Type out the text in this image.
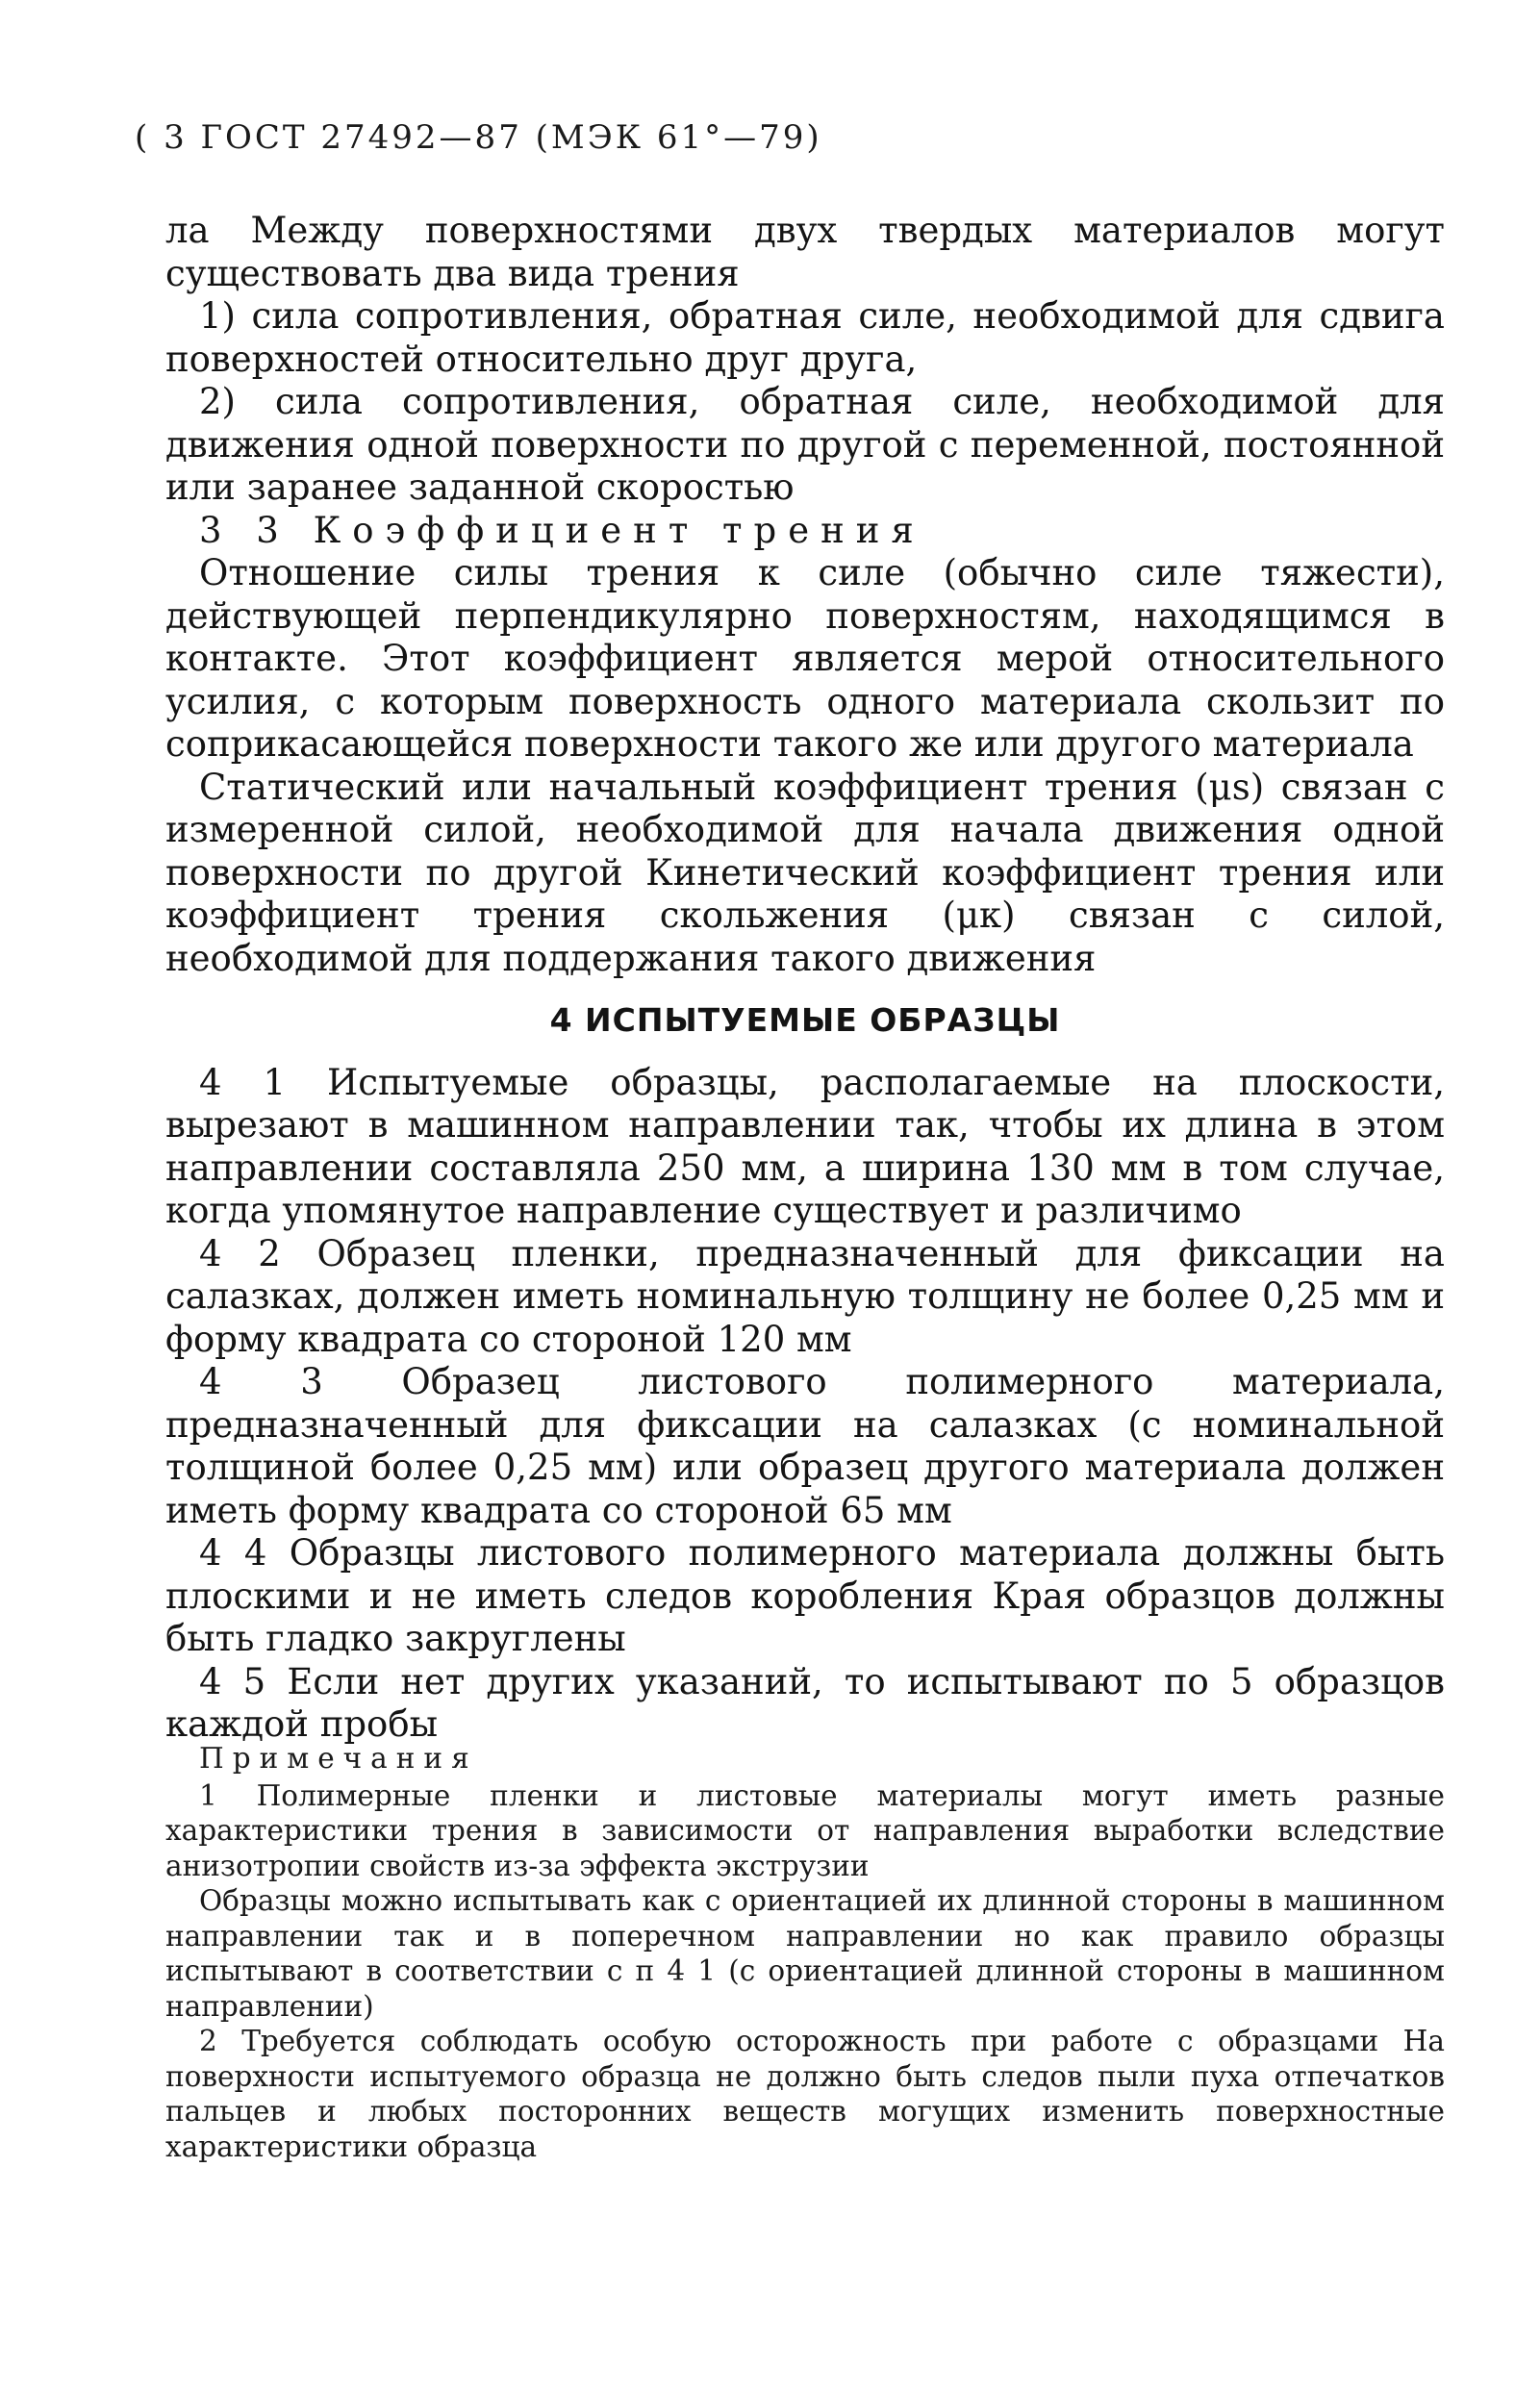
( 3 ГОСТ 27492—87 (МЭК 61°—79)

ла Между поверхностями двух твердых материалов могут существовать два вида трения

1) сила сопротивления, обратная силе, необходимой для сдвига поверхностей относительно друг друга,

2) сила сопротивления, обратная силе, необходимой для движения одной поверхности по другой с переменной, постоянной или заранее заданной скоростью

3 3 Коэффициент трения

Отношение силы трения к силе (обычно силе тяжести), действующей перпендикулярно поверхностям, находящимся в контакте. Этот коэффициент является мерой относительного усилия, с которым поверхность одного материала скользит по соприкасающейся поверхности такого же или другого материала

Статический или начальный коэффициент трения (μs) связан с измеренной силой, необходимой для начала движения одной поверхности по другой Кинетический коэффициент трения или коэффициент трения скольжения (μк) связан с силой, необходимой для поддержания такого движения

4 ИСПЫТУЕМЫЕ ОБРАЗЦЫ

4 1 Испытуемые образцы, располагаемые на плоскости, вырезают в машинном направлении так, чтобы их длина в этом направлении составляла 250 мм, а ширина 130 мм в том случае, когда упомянутое направление существует и различимо

4 2 Образец пленки, предназначенный для фиксации на салазках, должен иметь номинальную толщину не более 0,25 мм и форму квадрата со стороной 120 мм

4 3 Образец листового полимерного материала, предназначенный для фиксации на салазках (с номинальной толщиной более 0,25 мм) или образец другого материала должен иметь форму квадрата со стороной 65 мм

4 4 Образцы листового полимерного материала должны быть плоскими и не иметь следов коробления Края образцов должны быть гладко закруглены

4 5 Если нет других указаний, то испытывают по 5 образцов каждой пробы

Примечания

1 Полимерные пленки и листовые материалы могут иметь разные характеристики трения в зависимости от направления выработки вследствие анизотропии свойств из-за эффекта экструзии

Образцы можно испытывать как с ориентацией их длинной стороны в машинном направлении так и в поперечном направлении но как правило образцы испытывают в соответствии с п 4 1 (с ориентацией длинной стороны в машинном направлении)

2 Требуется соблюдать особую осторожность при работе с образцами На поверхности испытуемого образца не должно быть следов пыли пуха отпечатков пальцев и любых посторонних веществ могущих изменить поверхностные характеристики образца
